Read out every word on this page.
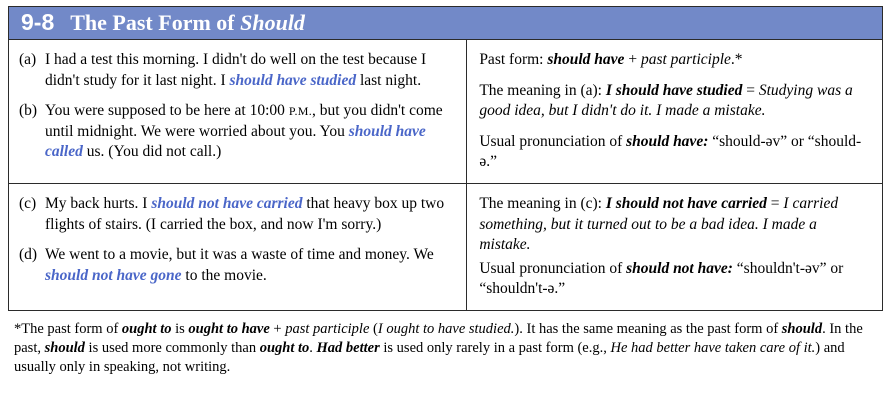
9-8 The Past Form of Should
(a) I had a test this morning. I didn't do well on the test because I didn't study for it last night. I should have studied last night.
(b) You were supposed to be here at 10:00 P.M., but you didn't come until midnight. We were worried about you. You should have called us. (You did not call.)
Past form: should have + past participle.*
The meaning in (a): I should have studied = Studying was a good idea, but I didn't do it. I made a mistake.
Usual pronunciation of should have: “should-əv” or “should-ə.”
(c) My back hurts. I should not have carried that heavy box up two flights of stairs. (I carried the box, and now I'm sorry.)
(d) We went to a movie, but it was a waste of time and money. We should not have gone to the movie.
The meaning in (c): I should not have carried = I carried something, but it turned out to be a bad idea. I made a mistake.
Usual pronunciation of should not have: “shouldn't-əv” or “shouldn't-ə.”
*The past form of ought to is ought to have + past participle (I ought to have studied.). It has the same meaning as the past form of should. In the past, should is used more commonly than ought to. Had better is used only rarely in a past form (e.g., He had better have taken care of it.) and usually only in speaking, not writing.
